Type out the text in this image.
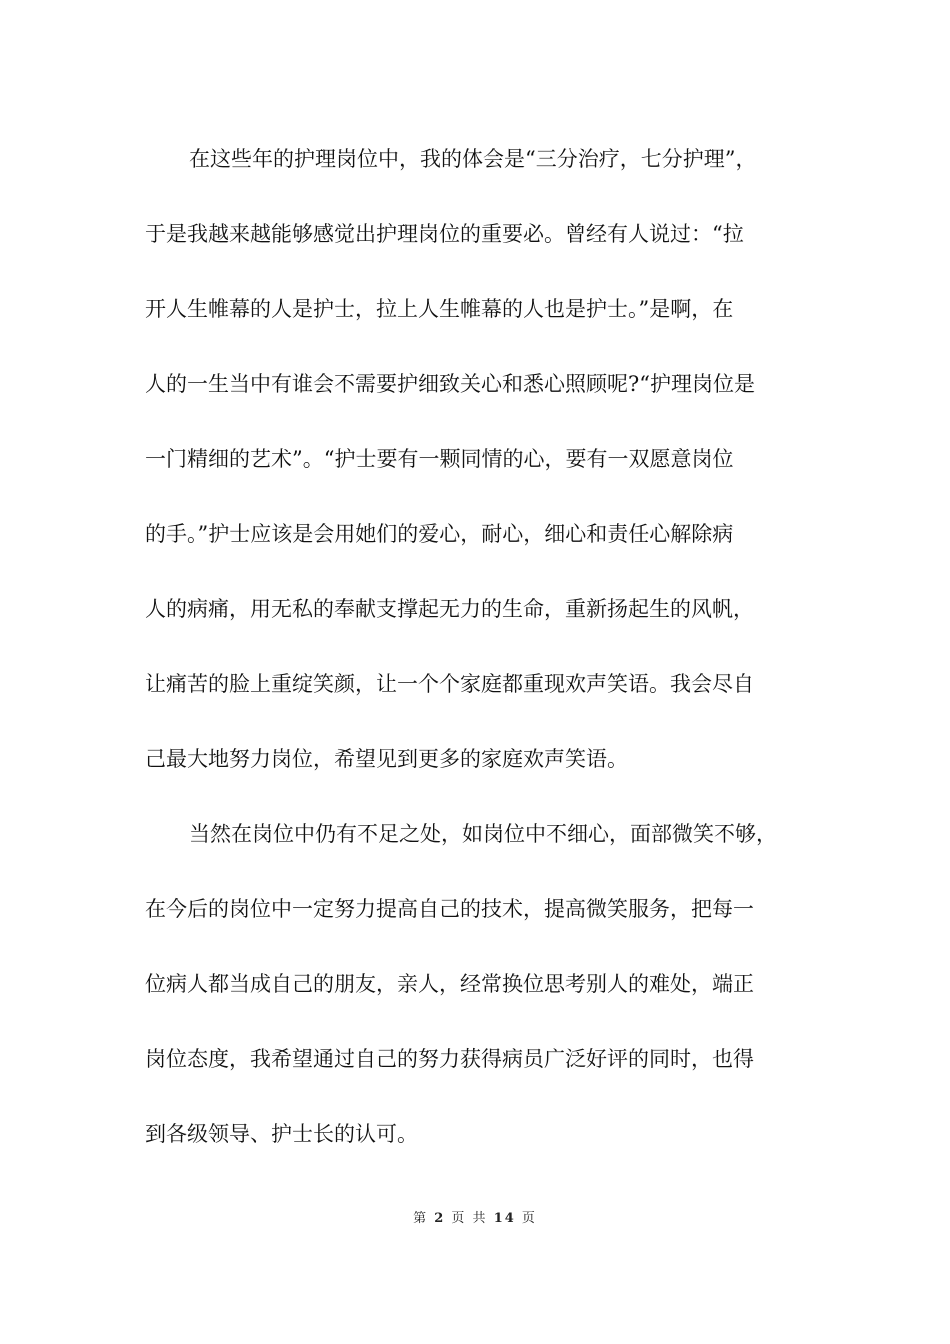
在这些年的护理岗位中，我的体会是“三分治疗，七分护理”，
于是我越来越能够感觉出护理岗位的重要必。曾经有人说过：“拉
开人生帷幕的人是护士，拉上人生帷幕的人也是护士。”是啊，在
人的一生当中有谁会不需要护细致关心和悉心照顾呢?“护理岗位是
一门精细的艺术”。“护士要有一颗同情的心，要有一双愿意岗位
的手。”护士应该是会用她们的爱心，耐心，细心和责任心解除病
人的病痛，用无私的奉献支撑起无力的生命，重新扬起生的风帆，
让痛苦的脸上重绽笑颜，让一个个家庭都重现欢声笑语。我会尽自
己最大地努力岗位，希望见到更多的家庭欢声笑语。
当然在岗位中仍有不足之处，如岗位中不细心，面部微笑不够，
在今后的岗位中一定努力提高自己的技术，提高微笑服务，把每一
位病人都当成自己的朋友，亲人，经常换位思考别人的难处，端正
岗位态度，我希望通过自己的努力获得病员广泛好评的同时，也得
到各级领导、护士长的认可。
第 2 页 共 14 页
